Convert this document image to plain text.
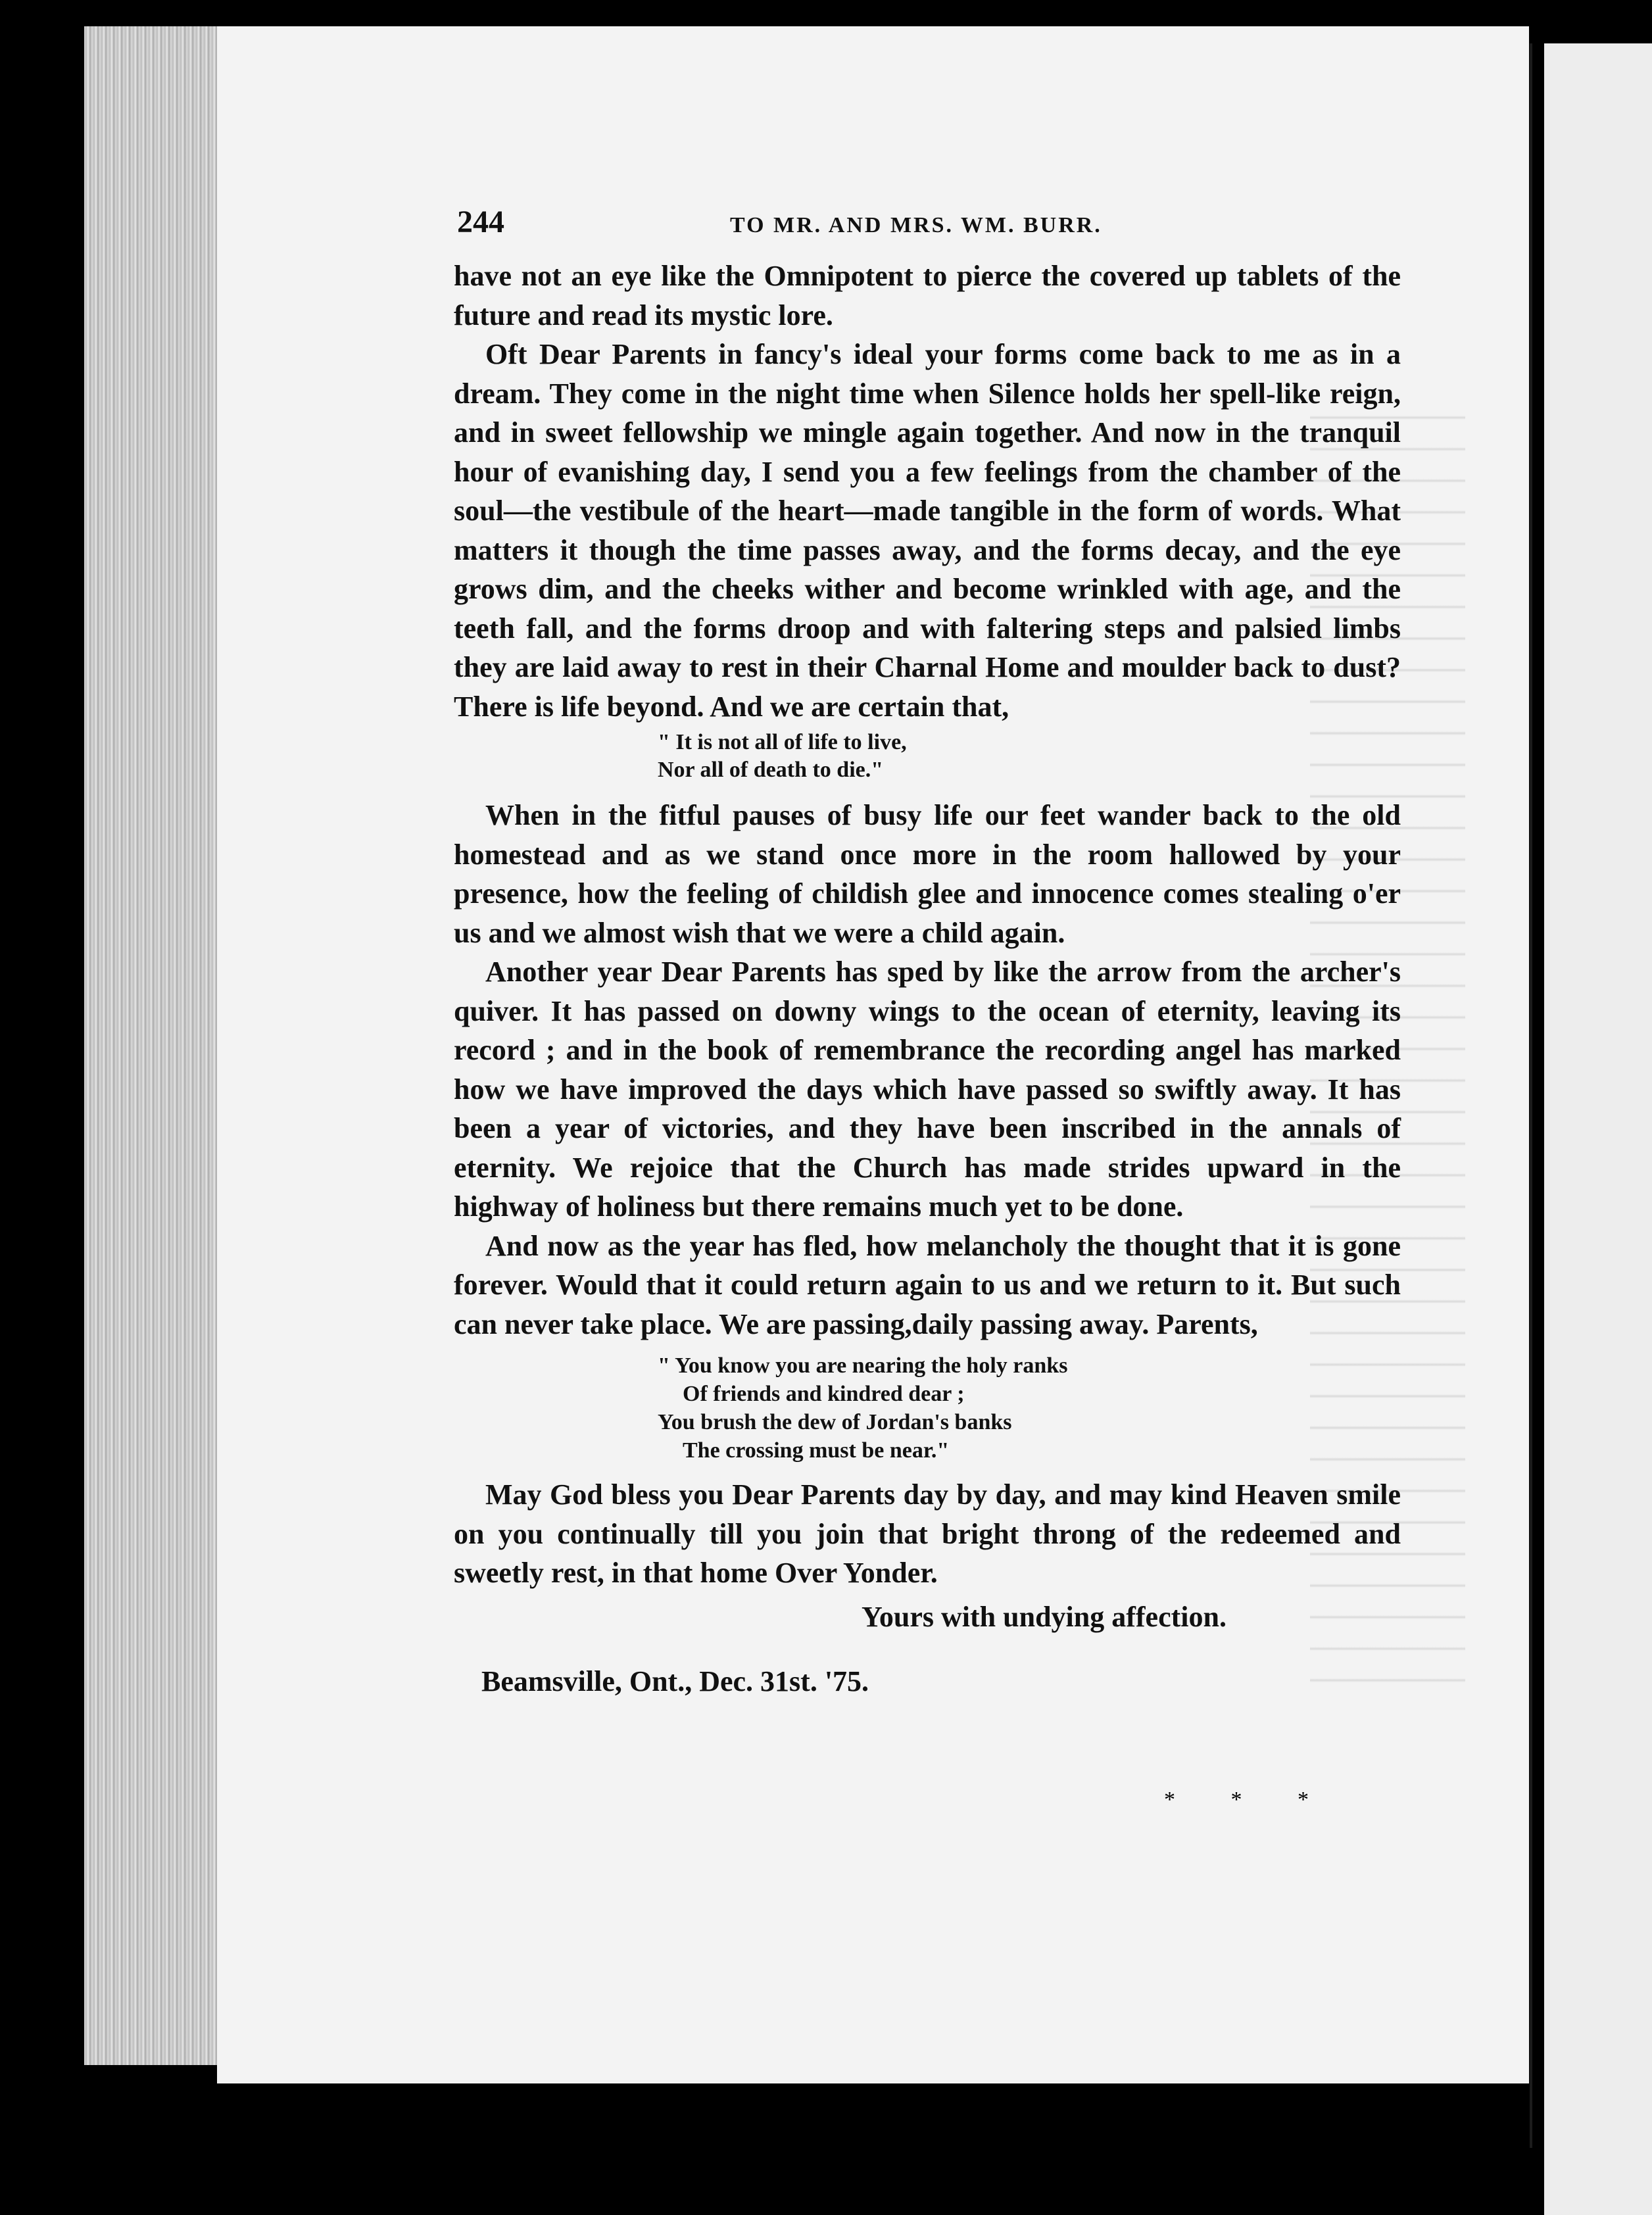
244	TO MR. AND MRS. WM. BURR.

have not an eye like the Omnipotent to pierce the covered up tablets of the future and read its mystic lore.

Oft Dear Parents in fancy's ideal your forms come back to me as in a dream. They come in the night time when Silence holds her spell-like reign, and in sweet fellowship we mingle again together. And now in the tranquil hour of evanishing day, I send you a few feelings from the chamber of the soul—the vestibule of the heart—made tangible in the form of words. What matters it though the time passes away, and the forms decay, and the eye grows dim, and the cheeks wither and become wrinkled with age, and the teeth fall, and the forms droop and with faltering steps and palsied limbs they are laid away to rest in their Charnal Home and moulder back to dust? There is life beyond. And we are certain that,

" It is not all of life to live,
Nor all of death to die."

When in the fitful pauses of busy life our feet wander back to the old homestead and as we stand once more in the room hallowed by your presence, how the feeling of childish glee and innocence comes stealing o'er us and we almost wish that we were a child again.

Another year Dear Parents has sped by like the arrow from the archer's quiver. It has passed on downy wings to the ocean of eternity, leaving its record ; and in the book of remembrance the recording angel has marked how we have improved the days which have passed so swiftly away. It has been a year of victories, and they have been inscribed in the annals of eternity. We rejoice that the Church has made strides upward in the highway of holiness but there remains much yet to be done.

And now as the year has fled, how melancholy the thought that it is gone forever. Would that it could return again to us and we return to it. But such can never take place. We are passing,daily passing away. Parents,

" You know you are nearing the holy ranks
Of friends and kindred dear ;
You brush the dew of Jordan's banks
The crossing must be near."

May God bless you Dear Parents day by day, and may kind Heaven smile on you continually till you join that bright throng of the redeemed and sweetly rest, in that home Over Yonder.

Yours with undying affection.
Beamsville, Ont., Dec. 31st. '75.
* * *
